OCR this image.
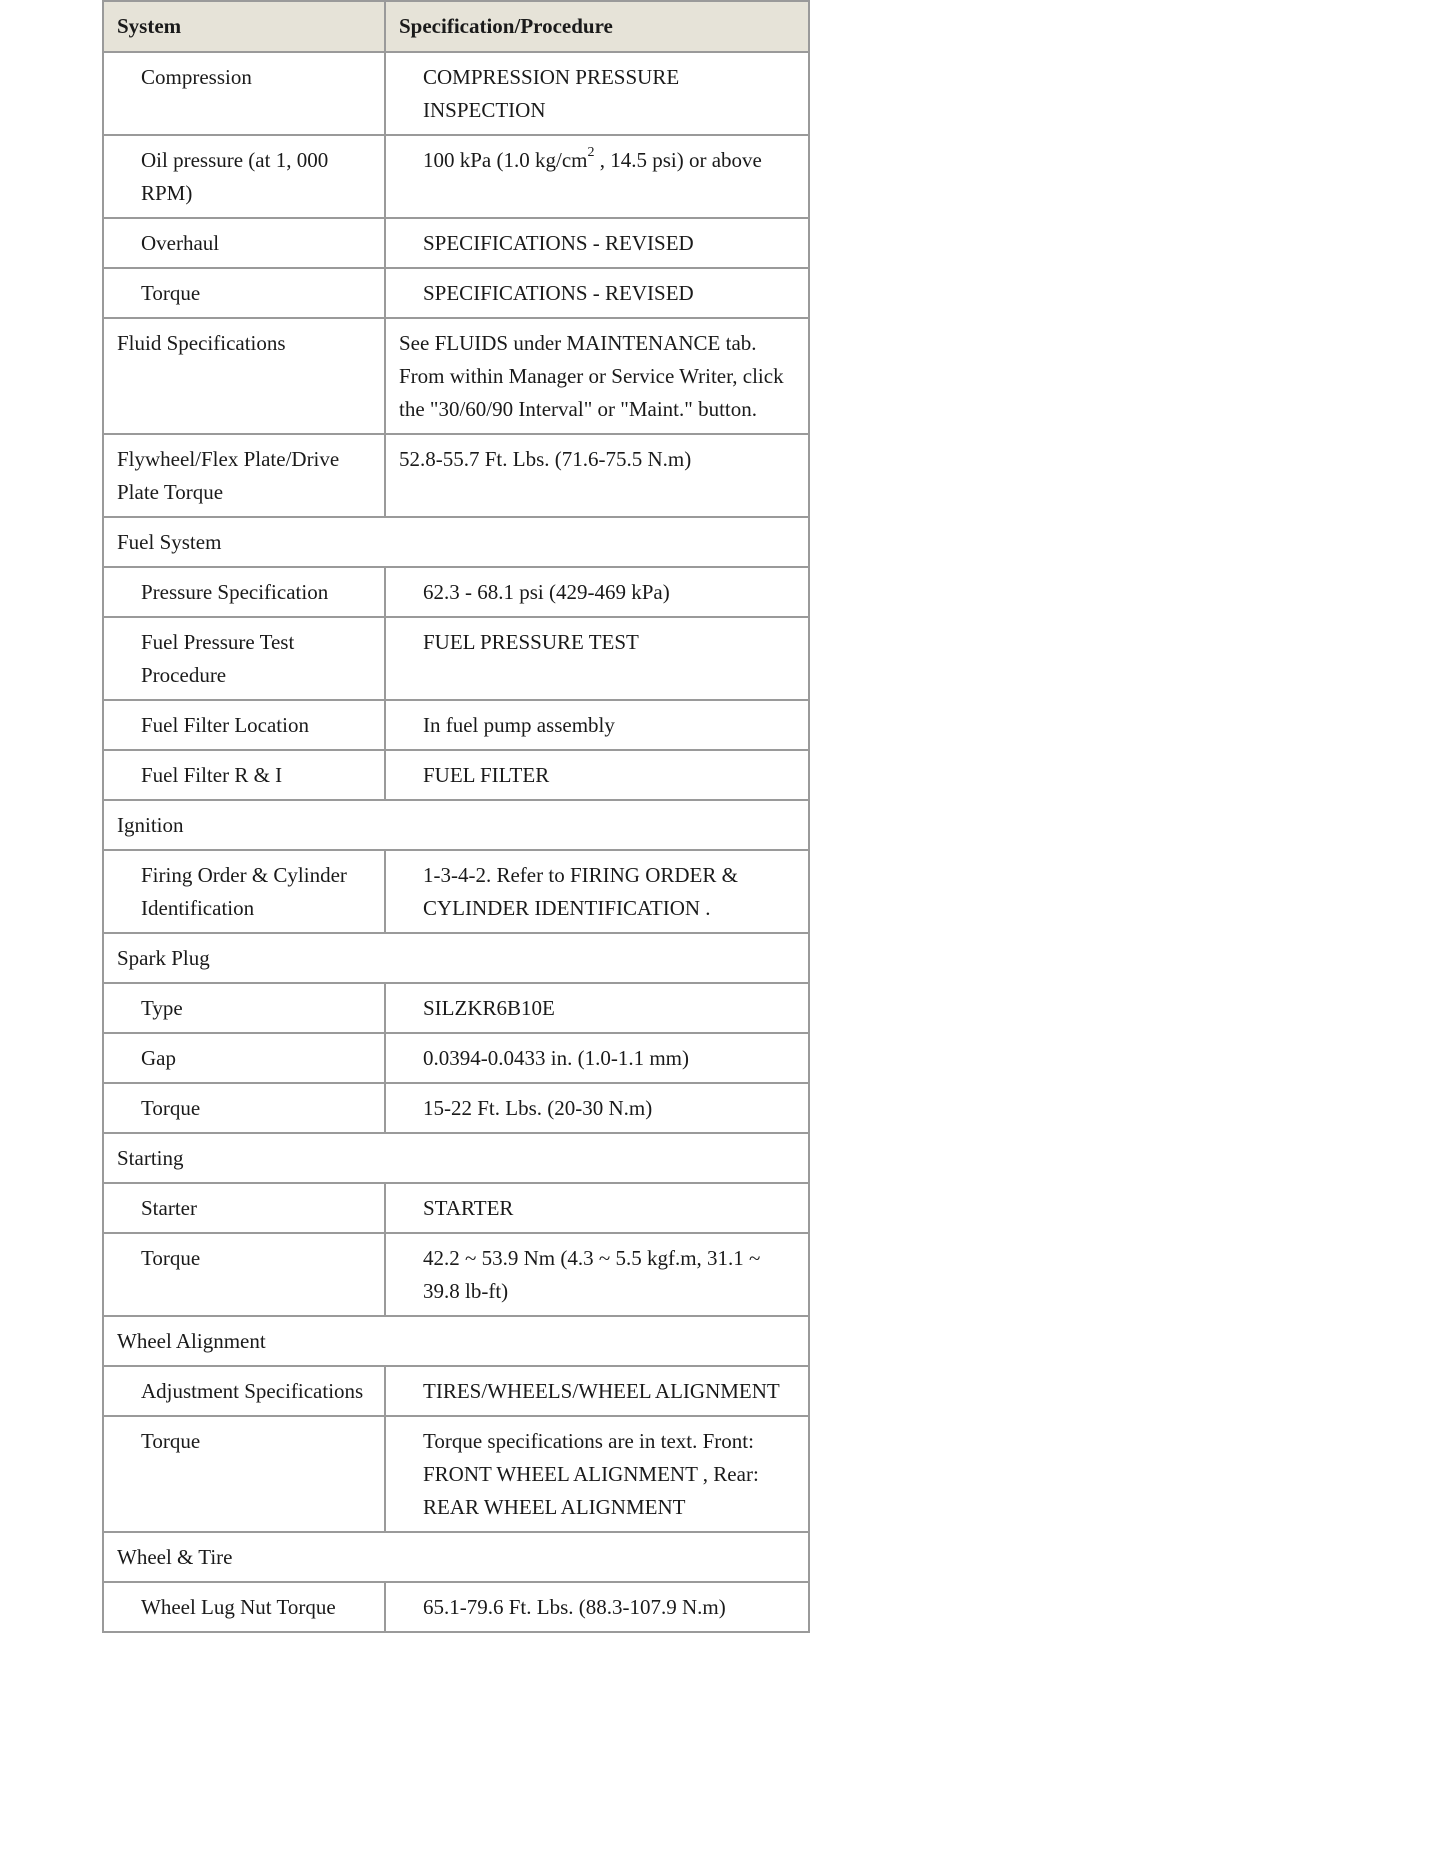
System	Specification/Procedure
Compression	COMPRESSION PRESSURE INSPECTION
Oil pressure (at 1, 000 RPM)	100 kPa (1.0 $kg/cm^2$ , 14.5 psi) or above
Overhaul	SPECIFICATIONS - REVISED
Torque	SPECIFICATIONS - REVISED
Fluid Specifications	See FLUIDS under MAINTENANCE tab. From within Manager or Service Writer, click the "30/60/90 Interval" or "Maint." button.
Flywheel/Flex Plate/Drive Plate Torque	52.8-55.7 Ft. Lbs. (71.6-75.5 N.m)
Fuel System	
Pressure Specification	62.3 - 68.1 psi (429-469 kPa)
Fuel Pressure Test Procedure	FUEL PRESSURE TEST
Fuel Filter Location	In fuel pump assembly
Fuel Filter R & I	FUEL FILTER
Ignition	
Firing Order & Cylinder Identification	1-3-4-2. Refer to FIRING ORDER & CYLINDER IDENTIFICATION .
Spark Plug	
Type	SILZKR6B10E
Gap	0.0394-0.0433 in. (1.0-1.1 mm)
Torque	15-22 Ft. Lbs. (20-30 N.m)
Starting	
Starter	STARTER
Torque	42.2 ~ 53.9 Nm (4.3 ~ 5.5 kgf.m, 31.1 ~ 39.8 lb-ft)
Wheel Alignment	
Adjustment Specifications	TIRES/WHEELS/WHEEL ALIGNMENT
Torque	Torque specifications are in text. Front: FRONT WHEEL ALIGNMENT , Rear: REAR WHEEL ALIGNMENT
Wheel & Tire	
Wheel Lug Nut Torque	65.1-79.6 Ft. Lbs. (88.3-107.9 N.m)
